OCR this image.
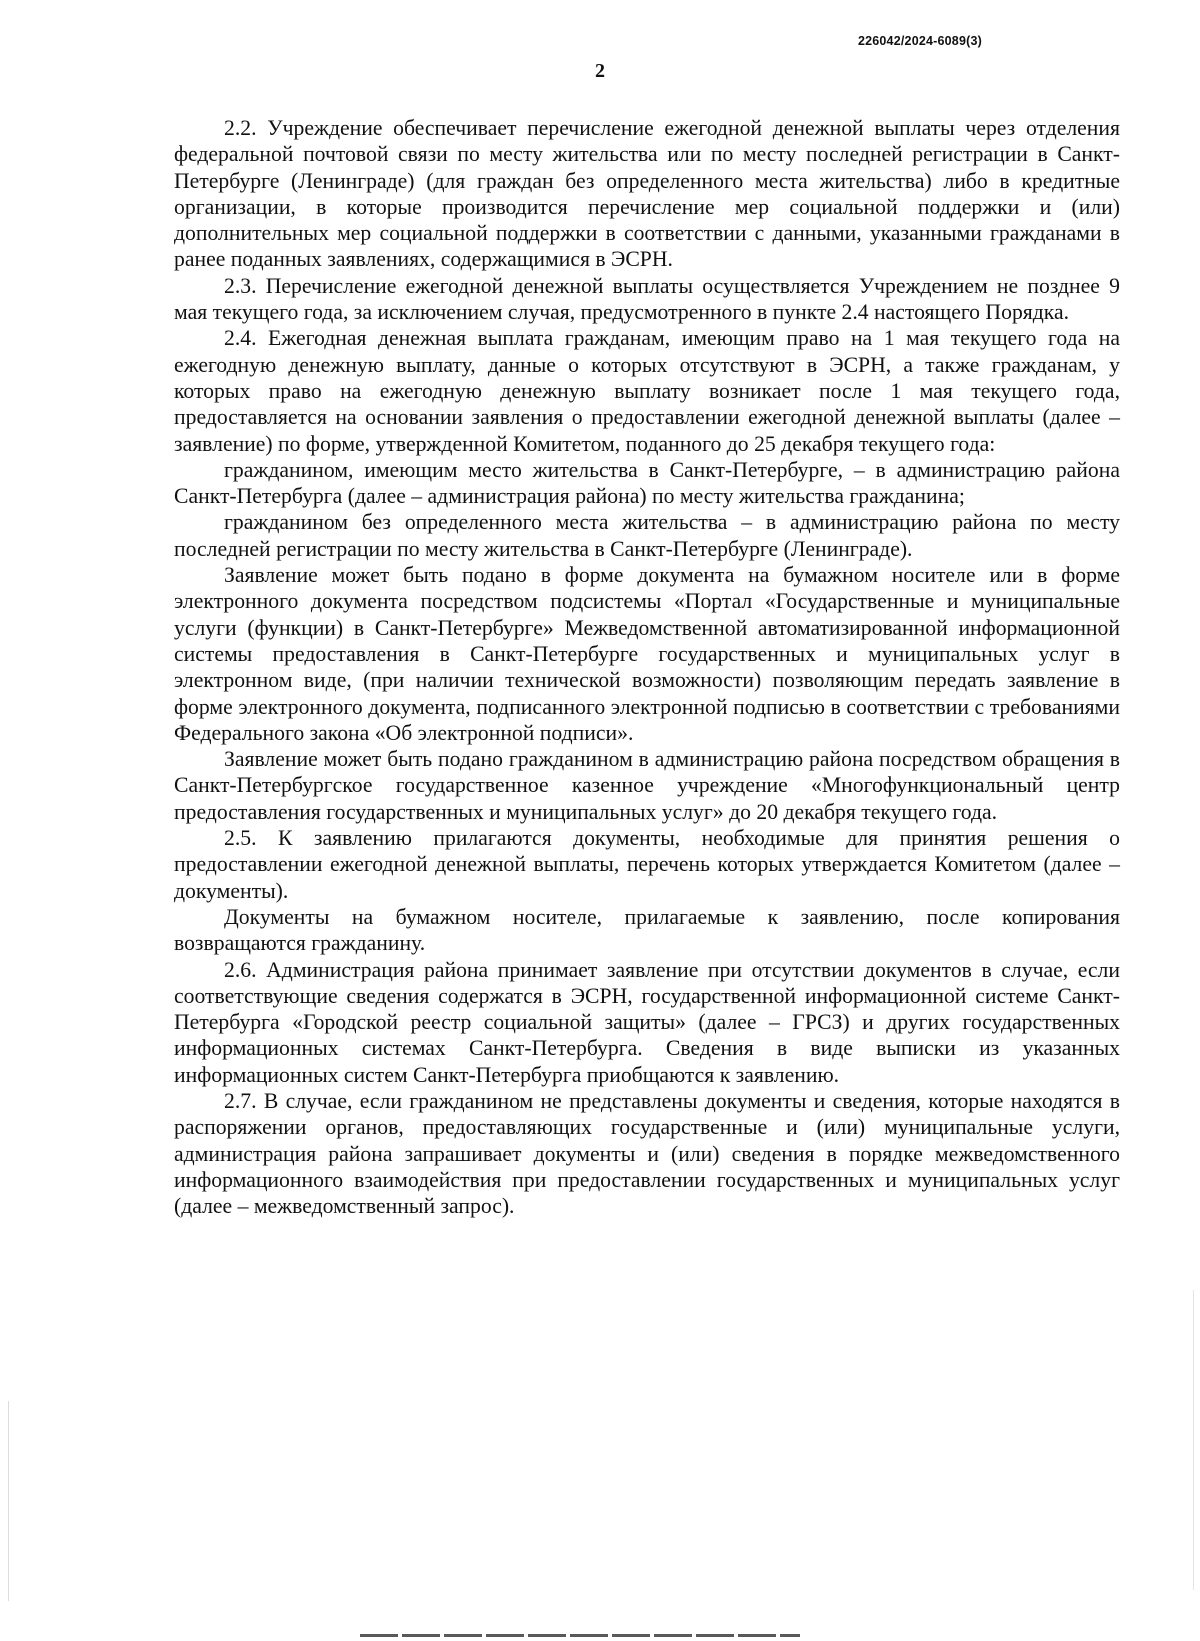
226042/2024-6089(3)
2

2.2. Учреждение обеспечивает перечисление ежегодной денежной выплаты через отделения федеральной почтовой связи по месту жительства или по месту последней регистрации в Санкт-Петербурге (Ленинграде) (для граждан без определенного места жительства) либо в кредитные организации, в которые производится перечисление мер социальной поддержки и (или) дополнительных мер социальной поддержки в соответствии с данными, указанными гражданами в ранее поданных заявлениях, содержащимися в ЭСРН.

2.3. Перечисление ежегодной денежной выплаты осуществляется Учреждением не позднее 9 мая текущего года, за исключением случая, предусмотренного в пункте 2.4 настоящего Порядка.

2.4. Ежегодная денежная выплата гражданам, имеющим право на 1 мая текущего года на ежегодную денежную выплату, данные о которых отсутствуют в ЭСРН, а также гражданам, у которых право на ежегодную денежную выплату возникает после 1 мая текущего года, предоставляется на основании заявления о предоставлении ежегодной денежной выплаты (далее – заявление) по форме, утвержденной Комитетом, поданного до 25 декабря текущего года:

гражданином, имеющим место жительства в Санкт-Петербурге, – в администрацию района Санкт-Петербурга (далее – администрация района) по месту жительства гражданина;

гражданином без определенного места жительства – в администрацию района по месту последней регистрации по месту жительства в Санкт-Петербурге (Ленинграде).

Заявление может быть подано в форме документа на бумажном носителе или в форме электронного документа посредством подсистемы «Портал «Государственные и муниципальные услуги (функции) в Санкт-Петербурге» Межведомственной автоматизированной информационной системы предоставления в Санкт-Петербурге государственных и муниципальных услуг в электронном виде, (при наличии технической возможности) позволяющим передать заявление в форме электронного документа, подписанного электронной подписью в соответствии с требованиями Федерального закона «Об электронной подписи».

Заявление может быть подано гражданином в администрацию района посредством обращения в Санкт-Петербургское государственное казенное учреждение «Многофункциональный центр предоставления государственных и муниципальных услуг» до 20 декабря текущего года.

2.5. К заявлению прилагаются документы, необходимые для принятия решения о предоставлении ежегодной денежной выплаты, перечень которых утверждается Комитетом (далее – документы).

Документы на бумажном носителе, прилагаемые к заявлению, после копирования возвращаются гражданину.

2.6. Администрация района принимает заявление при отсутствии документов в случае, если соответствующие сведения содержатся в ЭСРН, государственной информационной системе Санкт-Петербурга «Городской реестр социальной защиты» (далее – ГРСЗ) и других государственных информационных системах Санкт-Петербурга. Сведения в виде выписки из указанных информационных систем Санкт-Петербурга приобщаются к заявлению.

2.7. В случае, если гражданином не представлены документы и сведения, которые находятся в распоряжении органов, предоставляющих государственные и (или) муниципальные услуги, администрация района запрашивает документы и (или) сведения в порядке межведомственного информационного взаимодействия при предоставлении государственных и муниципальных услуг (далее – межведомственный запрос).
